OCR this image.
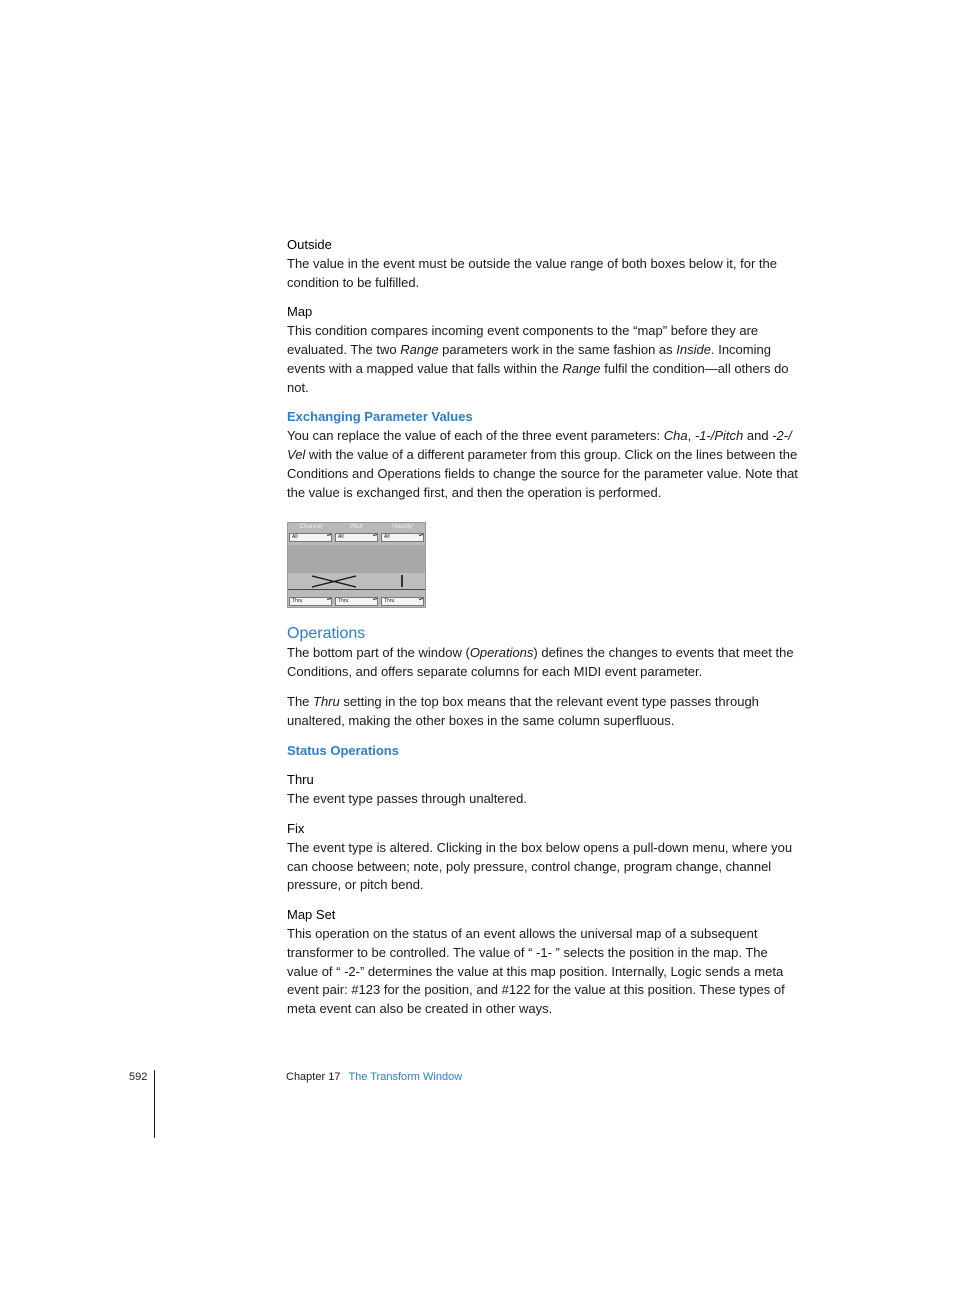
Outside

The value in the event must be outside the value range of both boxes below it, for the condition to be fulfilled.

Map

This condition compares incoming event components to the “map” before they are evaluated. The two Range parameters work in the same fashion as Inside. Incoming events with a mapped value that falls within the Range fulfil the condition—all others do not.

Exchanging Parameter Values

You can replace the value of each of the three event parameters: Cha, -1-/Pitch and -2-/ Vel with the value of a different parameter from this group. Click on the lines between the Conditions and Operations fields to change the source for the parameter value. Note that the value is exchanged first, and then the operation is performed.

Channel	Pitch	Velocity
All ▴▾	All ▴▾	All ▴▾
Thru ▴▾	Thru ▴▾	Thru ▴▾

Operations

The bottom part of the window (Operations) defines the changes to events that meet the Conditions, and offers separate columns for each MIDI event parameter.

The Thru setting in the top box means that the relevant event type passes through unaltered, making the other boxes in the same column superfluous.

Status Operations

Thru

The event type passes through unaltered.

Fix

The event type is altered. Clicking in the box below opens a pull-down menu, where you can choose between; note, poly pressure, control change, program change, channel pressure, or pitch bend.

Map Set

This operation on the status of an event allows the universal map of a subsequent transformer to be controlled. The value of “ -1- ” selects the position in the map. The value of “ -2-” determines the value at this map position. Internally, Logic sends a meta event pair: #123 for the position, and #122 for the value at this position. These types of meta event can also be created in other ways.

592	Chapter 17 The Transform Window
